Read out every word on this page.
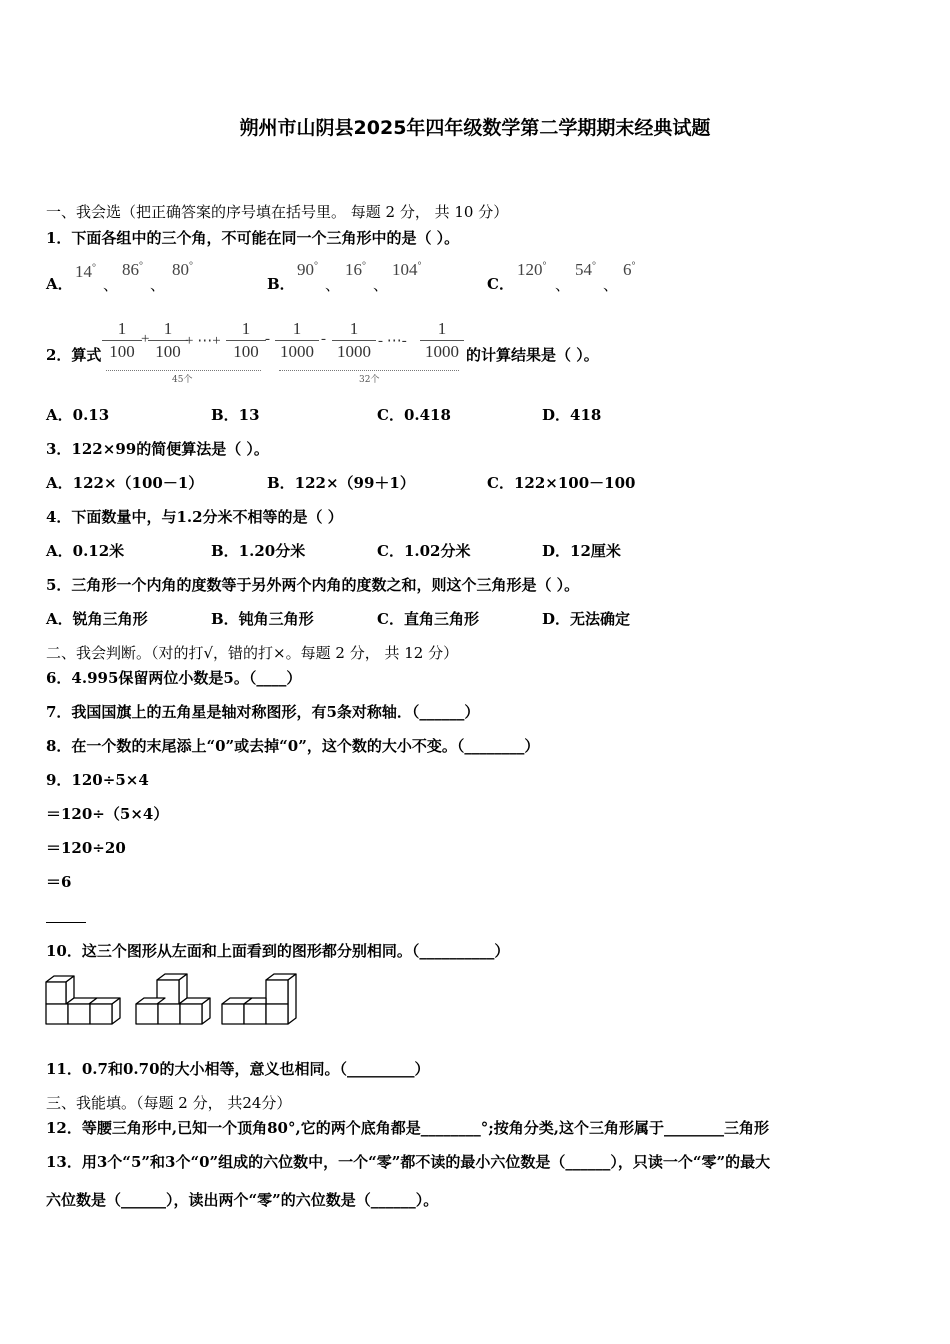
朔州市山阴县2025年四年级数学第二学期期末经典试题
一、我会选（把正确答案的序号填在括号里。 每题 2 分， 共 10 分）
1．下面各组中的三个角，不可能在同一个三角形中的是（ ）。
A．
14°
、
86°
、
80°
B．
90°
、
16°
、
104°
C．
120°
、
54°
、
6°
2．算式 $\frac{1}{100}$ +
$\frac{1}{100}$
+ ⋯+ $\frac{1}{100} - \frac{1}{1000} - \frac{1}{1000}$ - ⋯- $\frac{1}{1000}$
45个	32个
的计算结果是（ ）。
A．0.13	B．13	C．0.418	D．418
3．122×99的简便算法是（ ）。
A．122×（100－1）	B．122×（99＋1）	C．122×100－100
4．下面数量中，与1.2分米不相等的是（ ）
A．0.12米	B．1.20分米	C．1.02分米	D．12厘米
5．三角形一个内角的度数等于另外两个内角的度数之和，则这个三角形是（ ）。
A．锐角三角形	B．钝角三角形	C．直角三角形	D．无法确定
二、我会判断。（对的打√，错的打×。每题 2 分， 共 12 分）
6．4.995保留两位小数是5。（____）
7．我国国旗上的五角星是轴对称图形，有5条对称轴．（______）
8．在一个数的末尾添上“0”或去掉“0”，这个数的大小不变。（________）
9．120÷5×4
＝120÷（5×4）
＝120÷20
＝6
10．这三个图形从左面和上面看到的图形都分别相同。（__________）
11．0.7和0.70的大小相等，意义也相同。（_________）
三、我能填。（每题 2 分， 共24分）
12．等腰三角形中,已知一个顶角80°,它的两个底角都是________°;按角分类,这个三角形属于________三角形
13．用3个“5”和3个“0”组成的六位数中，一个“零”都不读的最小六位数是（______），只读一个“零”的最大
六位数是（______），读出两个“零”的六位数是（______）。
